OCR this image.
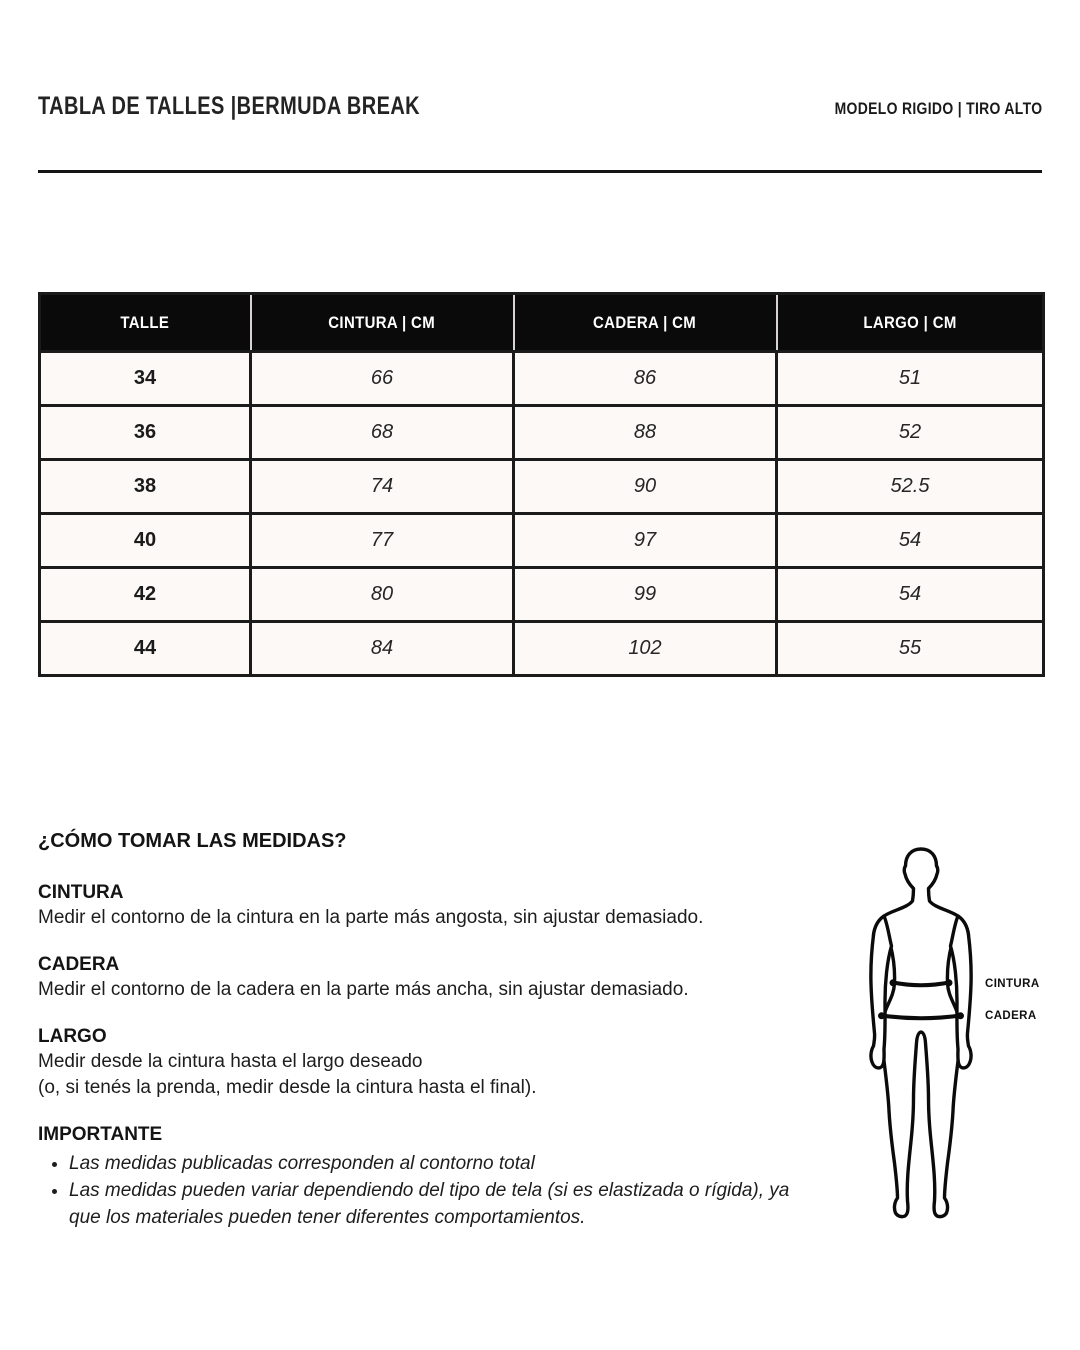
TABLA DE TALLES |BERMUDA BREAK	MODELO RIGIDO | TIRO ALTO
TALLE	CINTURA | CM	CADERA | CM	LARGO | CM
34	66	86	51
36	68	88	52
38	74	90	52.5
40	77	97	54
42	80	99	54
44	84	102	55
¿CÓMO TOMAR LAS MEDIDAS?
CINTURA
Medir el contorno de la cintura en la parte más angosta, sin ajustar demasiado.
CADERA
Medir el contorno de la cadera en la parte más ancha, sin ajustar demasiado.
LARGO
Medir desde la cintura hasta el largo deseado
(o, si tenés la prenda, medir desde la cintura hasta el final).
IMPORTANTE
• Las medidas publicadas corresponden al contorno total
• Las medidas pueden variar dependiendo del tipo de tela (si es elastizada o rígida), ya que los materiales pueden tener diferentes comportamientos.
CINTURA
CADERA
